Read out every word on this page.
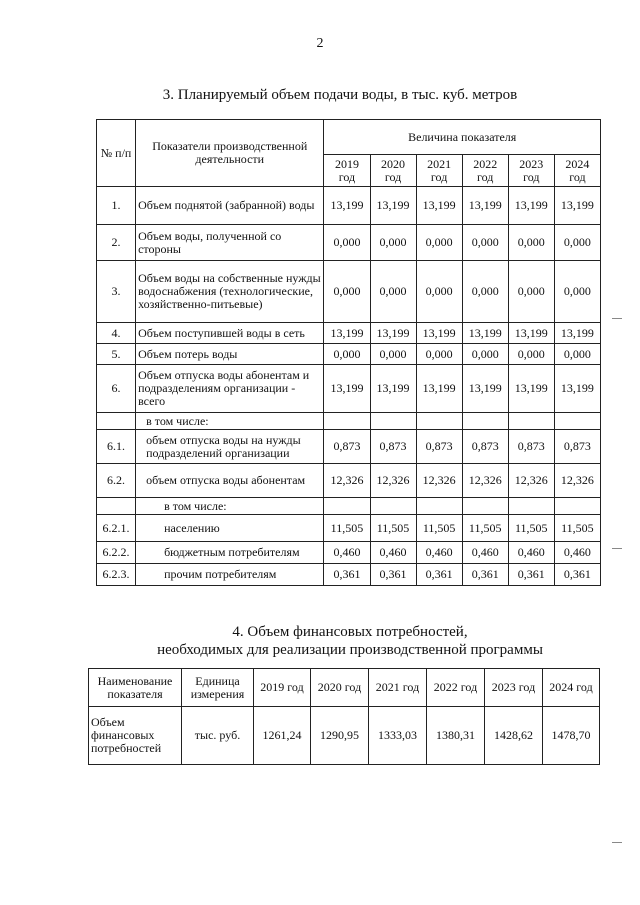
2
3. Планируемый объем подачи воды, в тыс. куб. метров
№ п/п	Показатели производственной деятельности	Величина показателя					
		2019 год	2020 год	2021 год	2022 год	2023 год	2024 год
1.	Объем поднятой (забранной) воды	13,199	13,199	13,199	13,199	13,199	13,199
2.	Объем воды, полученной со стороны	0,000	0,000	0,000	0,000	0,000	0,000
3.	Объем воды на собственные нужды водоснабжения (технологические, хозяйственно-питьевые)	0,000	0,000	0,000	0,000	0,000	0,000
4.	Объем поступившей воды в сеть	13,199	13,199	13,199	13,199	13,199	13,199
5.	Объем потерь воды	0,000	0,000	0,000	0,000	0,000	0,000
6.	Объем отпуска воды абонентам и подразделениям организации - всего	13,199	13,199	13,199	13,199	13,199	13,199
	в том числе:						
6.1.	объем отпуска воды на нужды подразделений организации	0,873	0,873	0,873	0,873	0,873	0,873
6.2.	объем отпуска воды абонентам	12,326	12,326	12,326	12,326	12,326	12,326
	в том числе:						
6.2.1.	населению	11,505	11,505	11,505	11,505	11,505	11,505
6.2.2.	бюджетным потребителям	0,460	0,460	0,460	0,460	0,460	0,460
6.2.3.	прочим потребителям	0,361	0,361	0,361	0,361	0,361	0,361
4. Объем финансовых потребностей,
необходимых для реализации производственной программы
Наименование показателя	Единица измерения	2019 год	2020 год	2021 год	2022 год	2023 год	2024 год
Объем финансовых потребностей	тыс. руб.	1261,24	1290,95	1333,03	1380,31	1428,62	1478,70
